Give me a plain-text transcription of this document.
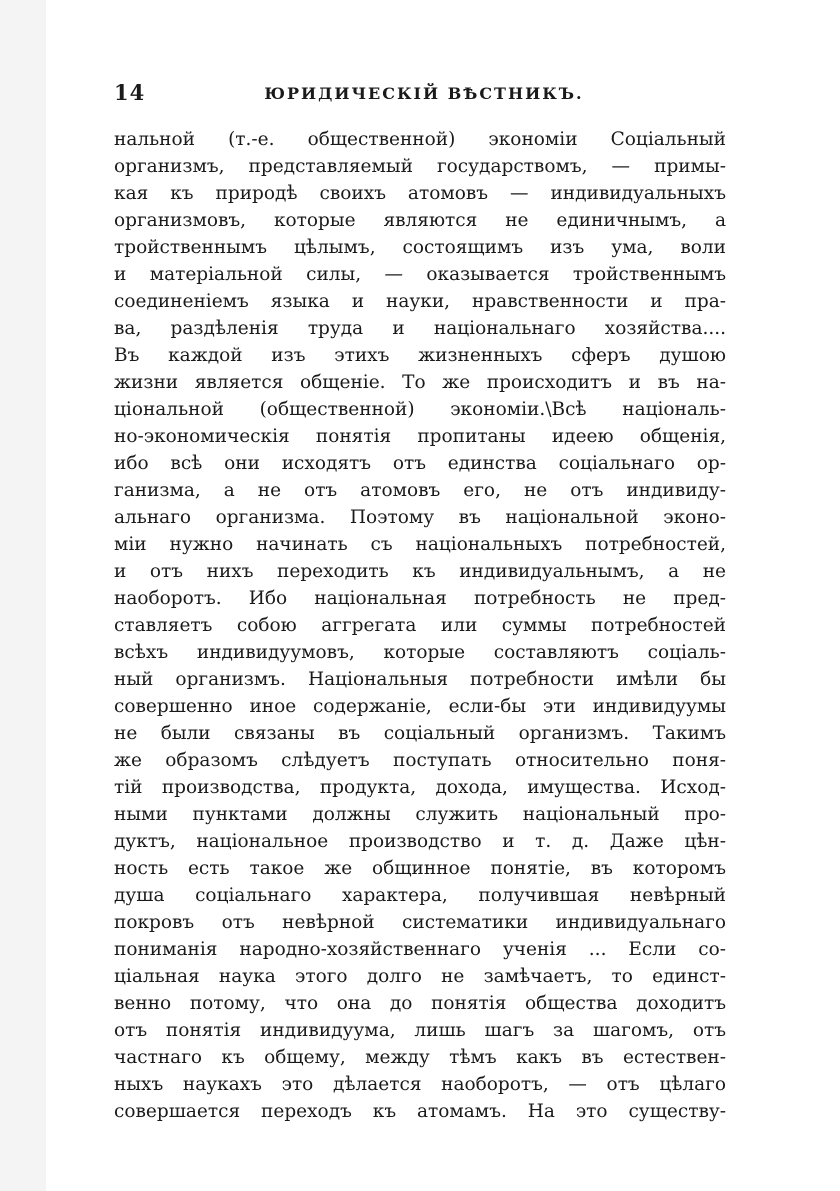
14	ЮРИДИЧЕСКІЙ ВѢСТНИКЪ.
нальной (т.-е. общественной) экономіи Соціальный
организмъ, представляемый государствомъ, — примы-
кая къ природѣ своихъ атомовъ — индивидуальныхъ
организмовъ, которые являются не единичнымъ, а
тройственнымъ цѣлымъ, состоящимъ изъ ума, воли
и матеріальной силы, — оказывается тройственнымъ
соединеніемъ языка и науки, нравственности и пра-
ва, раздѣленія труда и національнаго хозяйства....
Въ каждой изъ этихъ жизненныхъ сферъ душою
жизни является общеніе. То же происходитъ и въ на-
ціональной (общественной) экономіи.\Всѣ національ-
но-экономическія понятія пропитаны идеею общенія,
ибо всѣ они исходятъ отъ единства соціальнаго ор-
ганизма, а не отъ атомовъ его, не отъ индивиду-
альнаго организма. Поэтому въ національной эконо-
міи нужно начинать съ національныхъ потребностей,
и отъ нихъ переходить къ индивидуальнымъ, а не
наоборотъ. Ибо національная потребность не пред-
ставляетъ собою аггрегата или суммы потребностей
всѣхъ индивидуумовъ, которые составляютъ соціаль-
ный организмъ. Національныя потребности имѣли бы
совершенно иное содержаніе, если-бы эти индивидуумы
не были связаны въ соціальный организмъ. Такимъ
же образомъ слѣдуетъ поступать относительно поня-
тій производства, продукта, дохода, имущества. Исход-
ными пунктами должны служить національный про-
дуктъ, національное производство и т. д. Даже цѣн-
ность есть такое же общинное понятіе, въ которомъ
душа соціальнаго характера, получившая невѣрный
покровъ отъ невѣрной систематики индивидуальнаго
пониманія народно-хозяйственнаго ученія ... Если со-
ціальная наука этого долго не замѣчаетъ, то единст-
венно потому, что она до понятія общества доходитъ
отъ понятія индивидуума, лишь шагъ за шагомъ, отъ
частнаго къ общему, между тѣмъ какъ въ естествен-
ныхъ наукахъ это дѣлается наоборотъ, — отъ цѣлаго
совершается переходъ къ атомамъ. На это существу-
